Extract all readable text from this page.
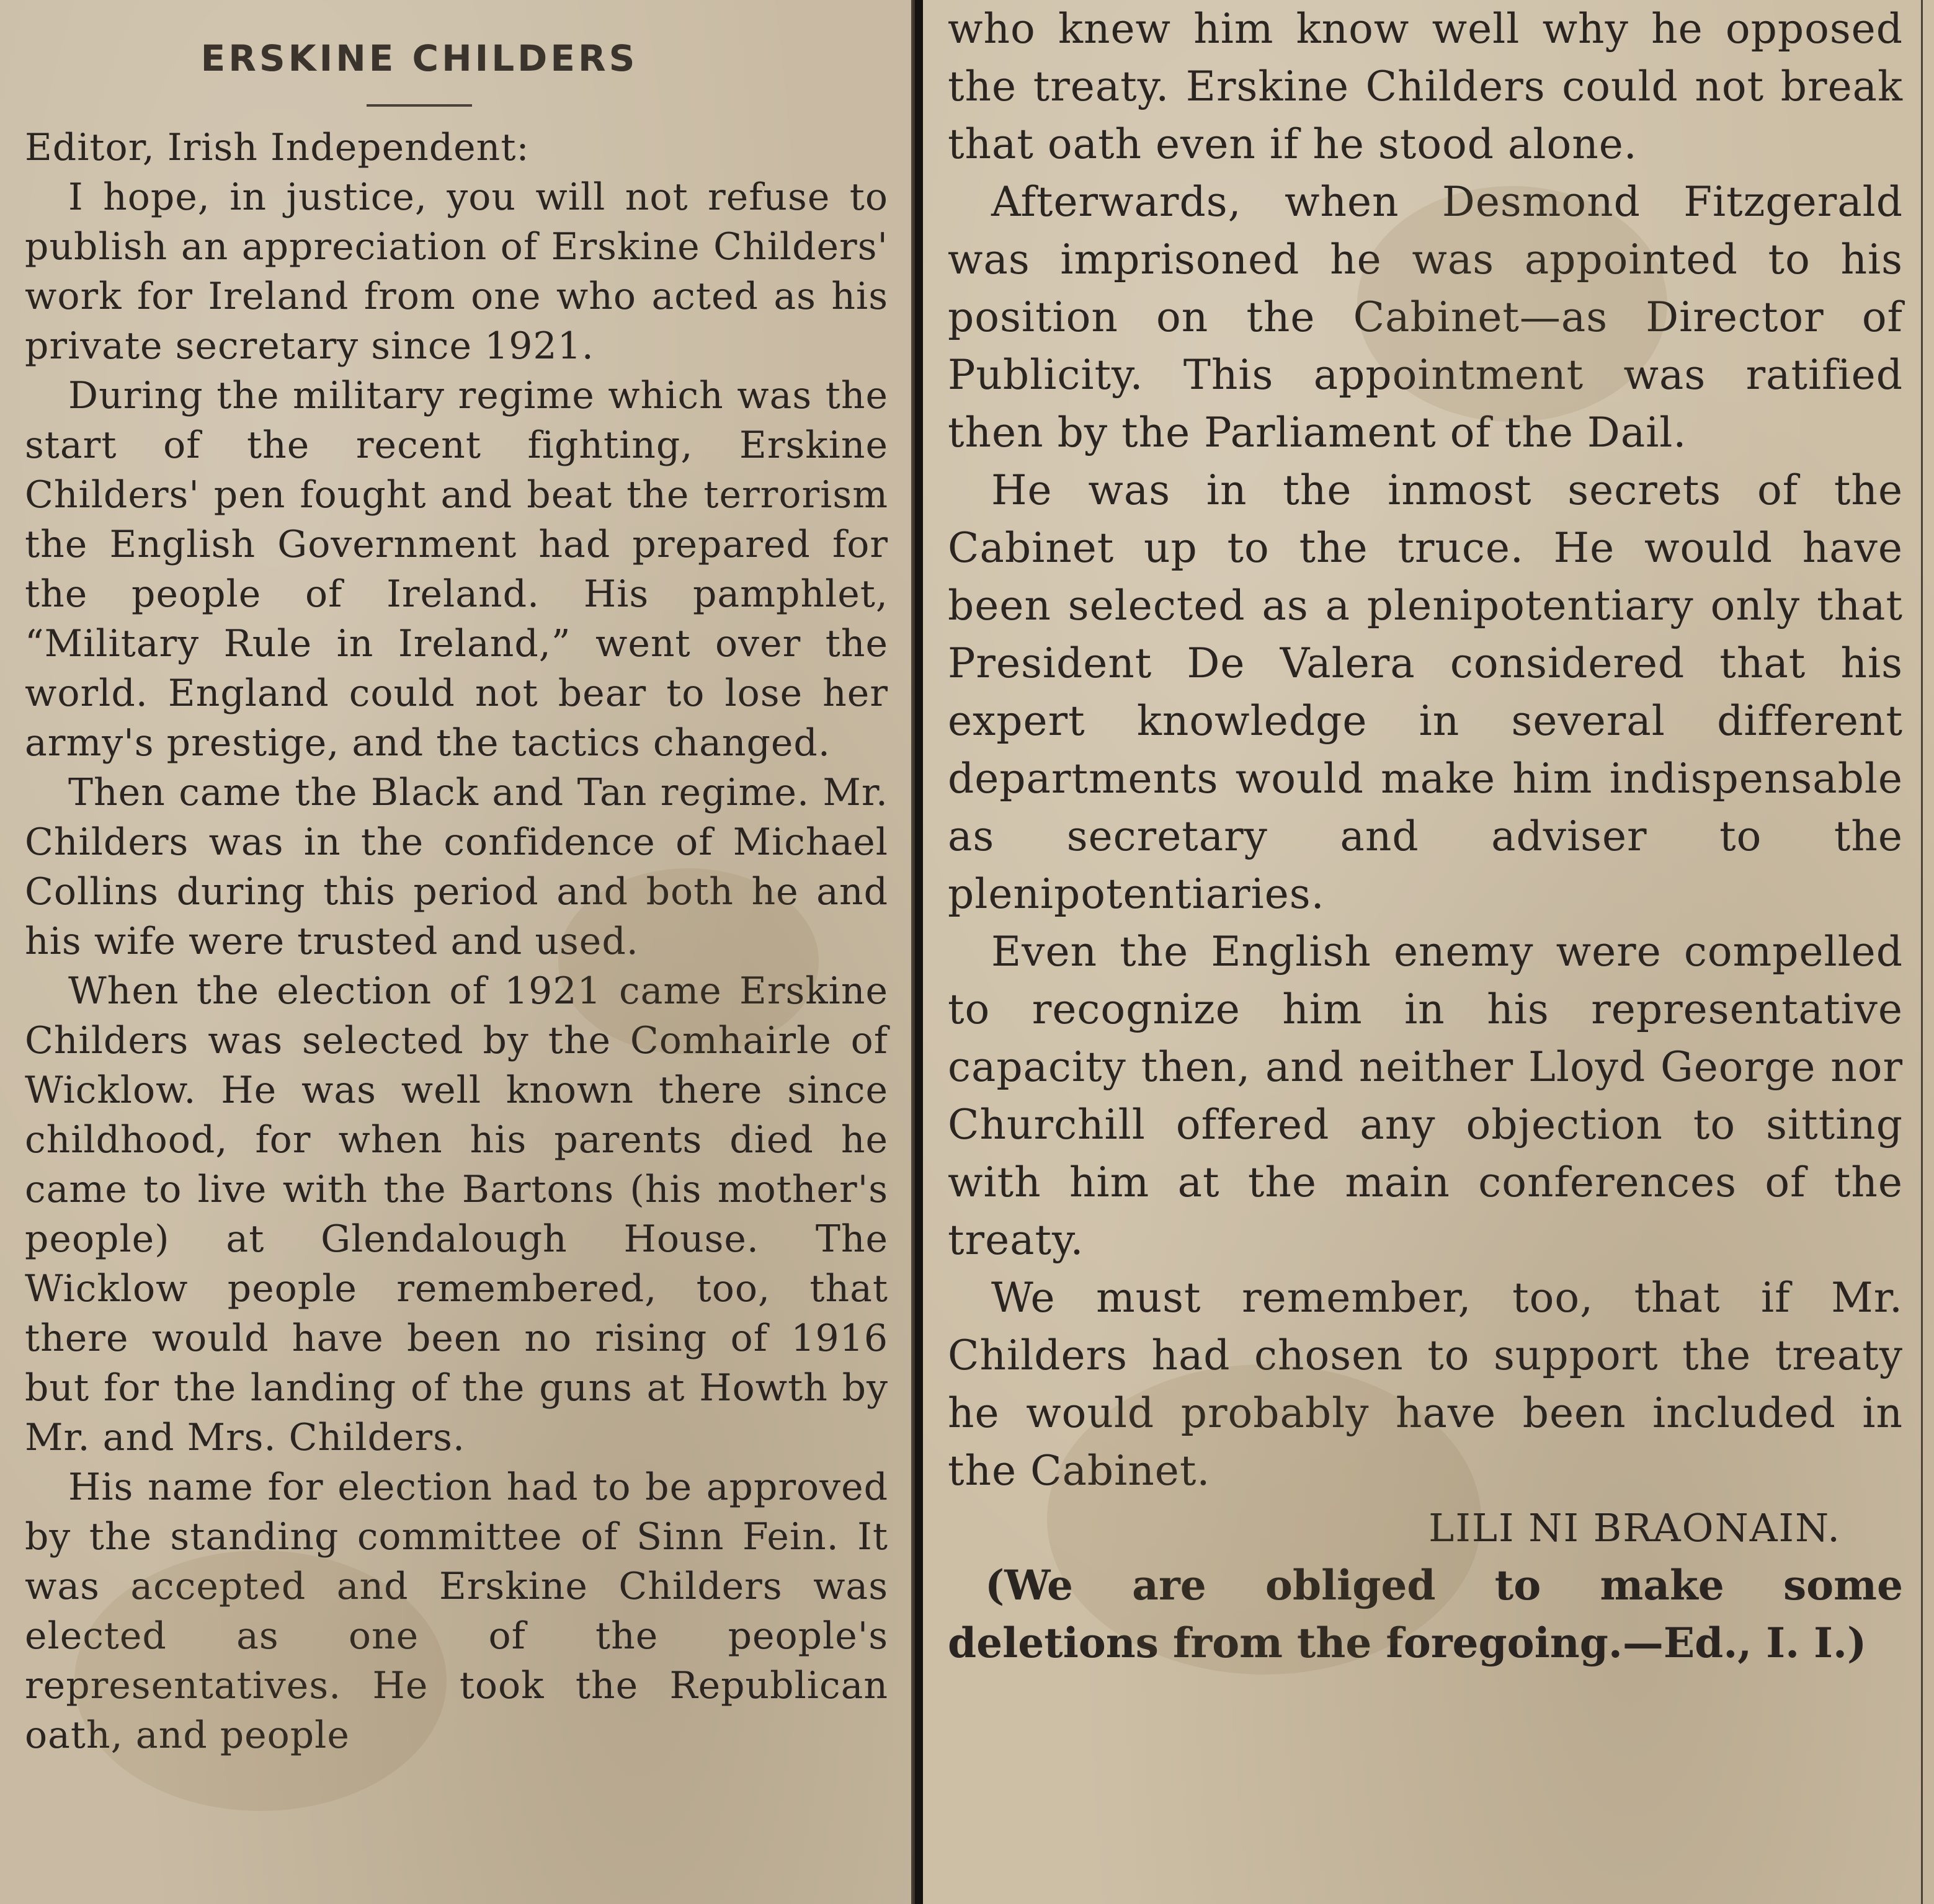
ERSKINE CHILDERS

Editor, Irish Independent:

I hope, in justice, you will not refuse to publish an appreciation of Erskine Childers' work for Ireland from one who acted as his private secretary since 1921.

During the military regime which was the start of the recent fighting, Erskine Childers' pen fought and beat the terrorism the English Government had prepared for the people of Ireland. His pamphlet, “Military Rule in Ireland,” went over the world. England could not bear to lose her army's prestige, and the tactics changed.

Then came the Black and Tan regime. Mr. Childers was in the confidence of Michael Collins during this period and both he and his wife were trusted and used.

When the election of 1921 came Erskine Childers was selected by the Comhairle of Wicklow. He was well known there since childhood, for when his parents died he came to live with the Bartons (his mother's people) at Glendalough House. The Wicklow people remembered, too, that there would have been no rising of 1916 but for the landing of the guns at Howth by Mr. and Mrs. Childers.

His name for election had to be approved by the standing committee of Sinn Fein. It was accepted and Erskine Childers was elected as one of the people's representatives. He took the Republican oath, and people

who knew him know well why he opposed the treaty. Erskine Childers could not break that oath even if he stood alone.

Afterwards, when Desmond Fitzgerald was imprisoned he was appointed to his position on the Cabinet—as Director of Publicity. This appointment was ratified then by the Parliament of the Dail.

He was in the inmost secrets of the Cabinet up to the truce. He would have been selected as a plenipotentiary only that President De Valera considered that his expert knowledge in several different departments would make him indispensable as secretary and adviser to the plenipotentiaries.

Even the English enemy were compelled to recognize him in his representative capacity then, and neither Lloyd George nor Churchill offered any objection to sitting with him at the main conferences of the treaty.

We must remember, too, that if Mr. Childers had chosen to support the treaty he would probably have been included in the Cabinet.

LILI NI BRAONAIN.

(We are obliged to make some deletions from the foregoing.—Ed., I. I.)
